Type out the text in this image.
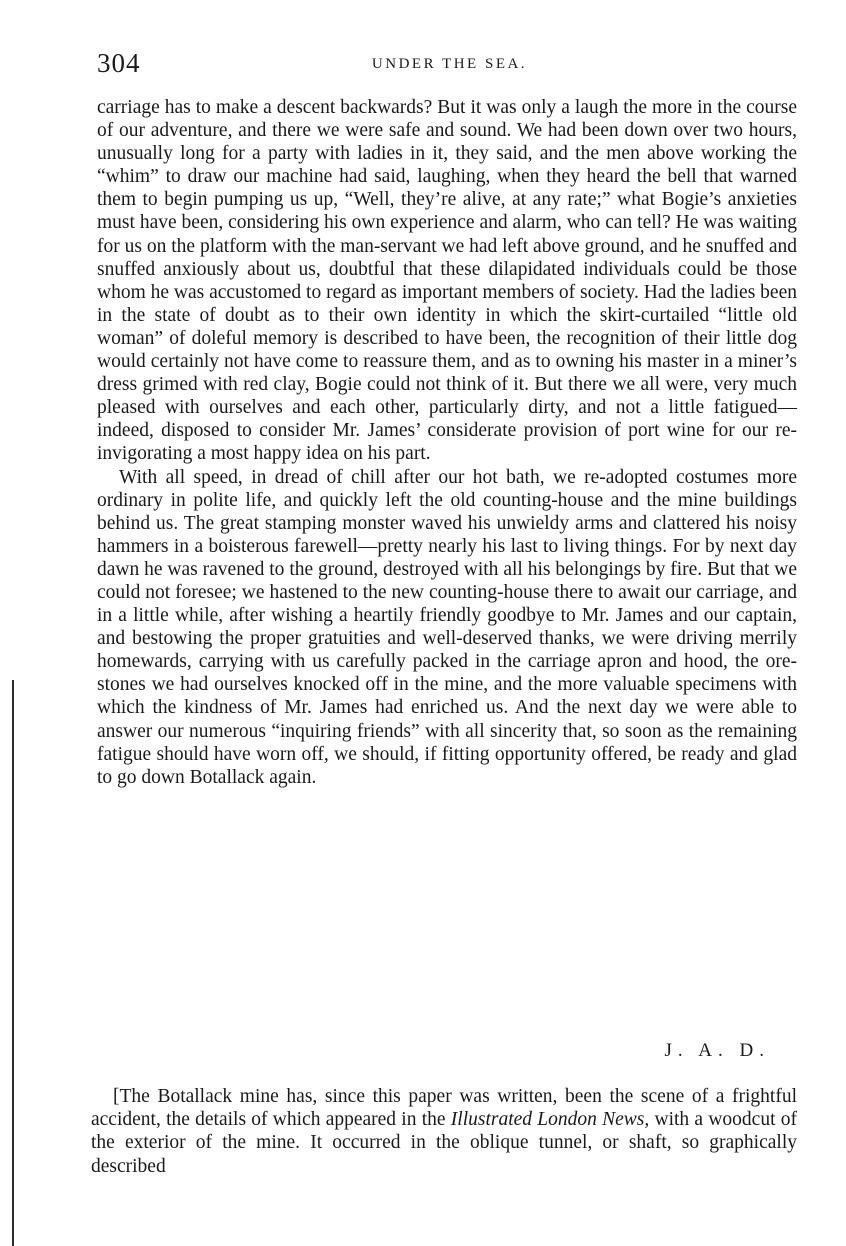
304	UNDER THE SEA.

carriage has to make a descent backwards? But it was only a laugh the more in the course of our adventure, and there we were safe and sound. We had been down over two hours, unusually long for a party with ladies in it, they said, and the men above working the “whim” to draw our machine had said, laughing, when they heard the bell that warned them to begin pumping us up, “Well, they’re alive, at any rate;” what Bogie’s anxieties must have been, considering his own experience and alarm, who can tell? He was waiting for us on the platform with the man-servant we had left above ground, and he snuffed and snuffed anxiously about us, doubtful that these dilapidated individuals could be those whom he was accustomed to regard as important members of society. Had the ladies been in the state of doubt as to their own identity in which the skirt-curtailed “little old woman” of doleful memory is described to have been, the recognition of their little dog would certainly not have come to reassure them, and as to owning his master in a miner’s dress grimed with red clay, Bogie could not think of it. But there we all were, very much pleased with ourselves and each other, particularly dirty, and not a little fatigued—indeed, disposed to consider Mr. James’ considerate provision of port wine for our re-invigorating a most happy idea on his part.

With all speed, in dread of chill after our hot bath, we re-adopted costumes more ordinary in polite life, and quickly left the old counting-house and the mine buildings behind us. The great stamping monster waved his unwieldy arms and clattered his noisy hammers in a boisterous farewell—pretty nearly his last to living things. For by next day dawn he was ravened to the ground, destroyed with all his belongings by fire. But that we could not foresee; we hastened to the new counting-house there to await our carriage, and in a little while, after wishing a heartily friendly goodbye to Mr. James and our captain, and bestowing the proper gratuities and well-deserved thanks, we were driving merrily homewards, carrying with us carefully packed in the carriage apron and hood, the ore-stones we had ourselves knocked off in the mine, and the more valuable specimens with which the kindness of Mr. James had enriched us. And the next day we were able to answer our numerous “inquiring friends” with all sincerity that, so soon as the remaining fatigue should have worn off, we should, if fitting opportunity offered, be ready and glad to go down Botallack again.

J. A. D.

[The Botallack mine has, since this paper was written, been the scene of a frightful accident, the details of which appeared in the Illustrated London News, with a woodcut of the exterior of the mine. It occurred in the oblique tunnel, or shaft, so graphically described
